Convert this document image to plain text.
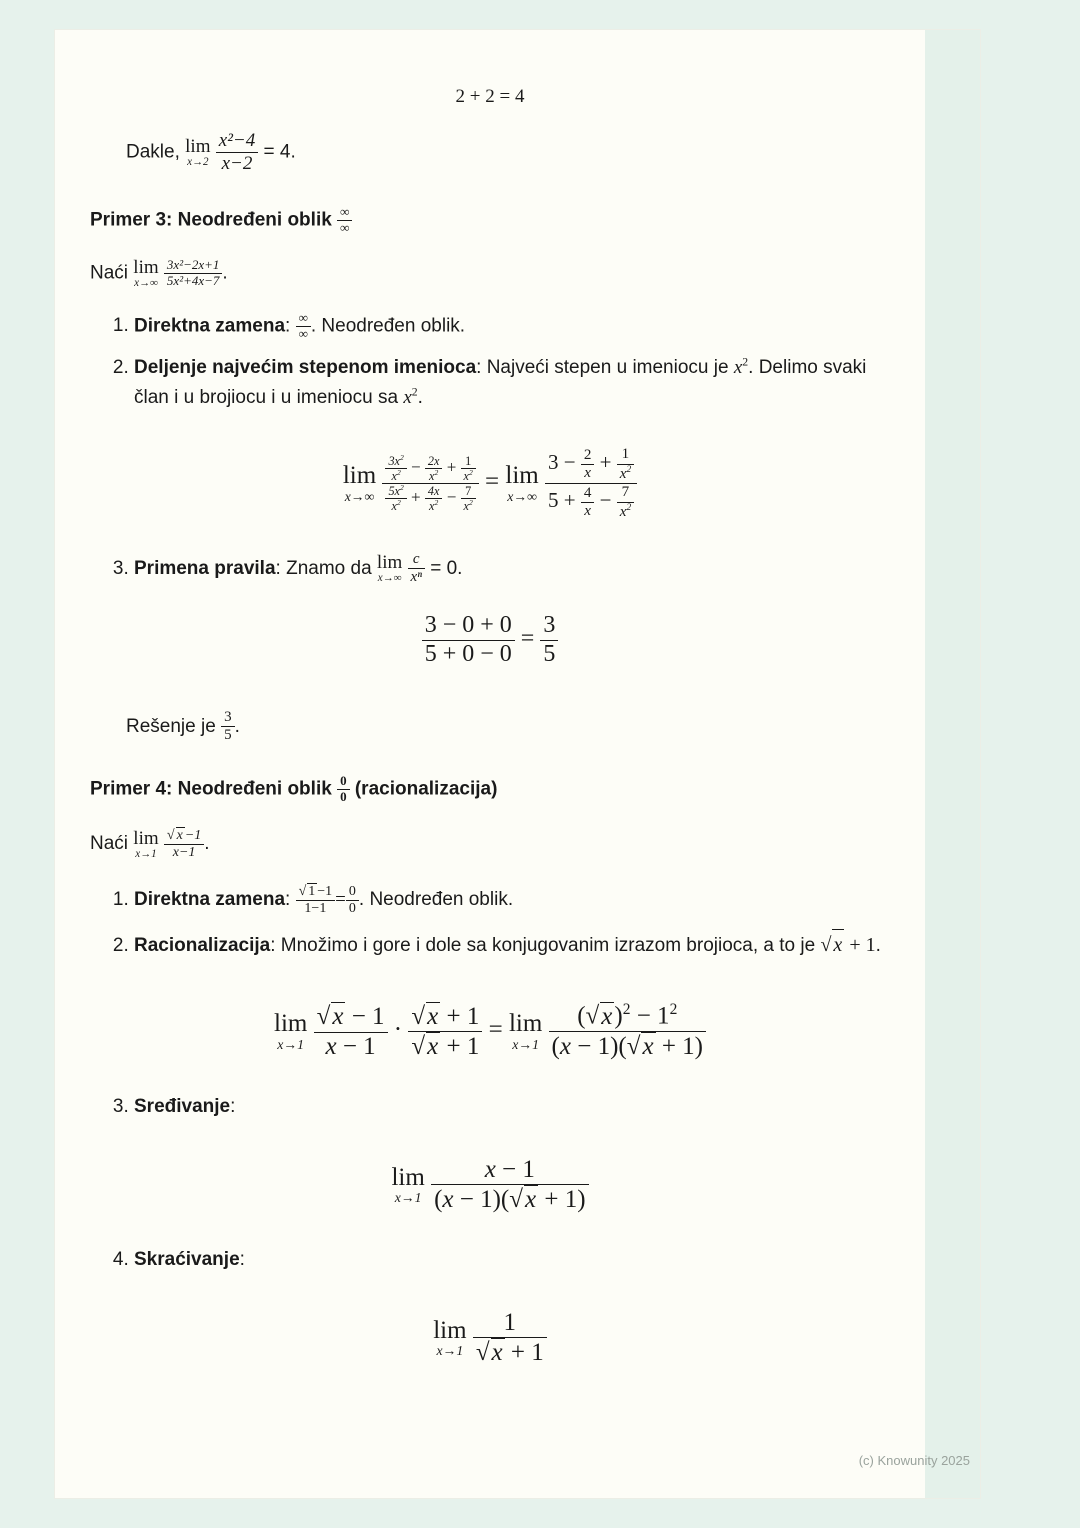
2 + 2 = 4
Dakle, lim
x→2
$\frac{\text{x²−4}}{x-2} = 4$.
Primer 3: Neodređeni oblik $\frac{\infty}{\infty}$
Naći lim
x→∞
$\frac{\text{3x²−2x+1}}{\text{5x²+4x−7}}$ .
1. Direktna zamena: $\frac{\infty}{\infty}$ . Neodređen oblik.
2. Deljenje najvećim stepenom imenioca: Najveći stepen u imeniocu je $x^2$. Delimo svaki član i u brojiocu i u imeniocu sa $x^2$.
lim
x→∞

$\frac{3x^2}{x^2} - \frac{2x}{x^2} + \frac{1}{x^2}$
$\frac{5x^2}{x^2} + \frac{4x}{x^2} - \frac{7}{x^2}$
= lim
x→∞
$\frac{3 - \frac{2}{x} + \frac{1}{x^2}}{5 + \frac{4}{x} - \frac{7}{x^2}}$
3. Primena pravila: Znamo da lim
x→∞
$\frac{c}{\text{xⁿ}} = 0$.
$\frac{3 - 0 + 0}{5 + 0 - 0} = \frac{3}{5}$
Rešenje je $\frac{3}{5}$ .
Primer 4: Neodređeni oblik $\frac{0}{0}$ (racionalizacija)
Naći lim
x→1
$\frac{√ x -1}{x-1}$ .
1. Direktna zamena: $\frac{√ 1 -1}{1-1} = \frac{0}{0}$ . Neodređen oblik.
2. Racionalizacija: Množimo i gore i dole sa konjugovanim izrazom brojioca, a to je √ x + 1.
lim
x→1
$\frac{√x - 1}{x - 1} \cdot \frac{√x + 1}{√x + 1} = \lim$
x→1
$\frac{(√x)^2 - 1^2}{(x - 1)(√x + 1)}$
3. Sređivanje:
lim
x→1
$\frac{x - 1}{(x - 1)(√x + 1)}$
4. Skraćivanje:
lim
x→1
$\frac{1}{√x + 1}$
(c) Knowunity 2025
